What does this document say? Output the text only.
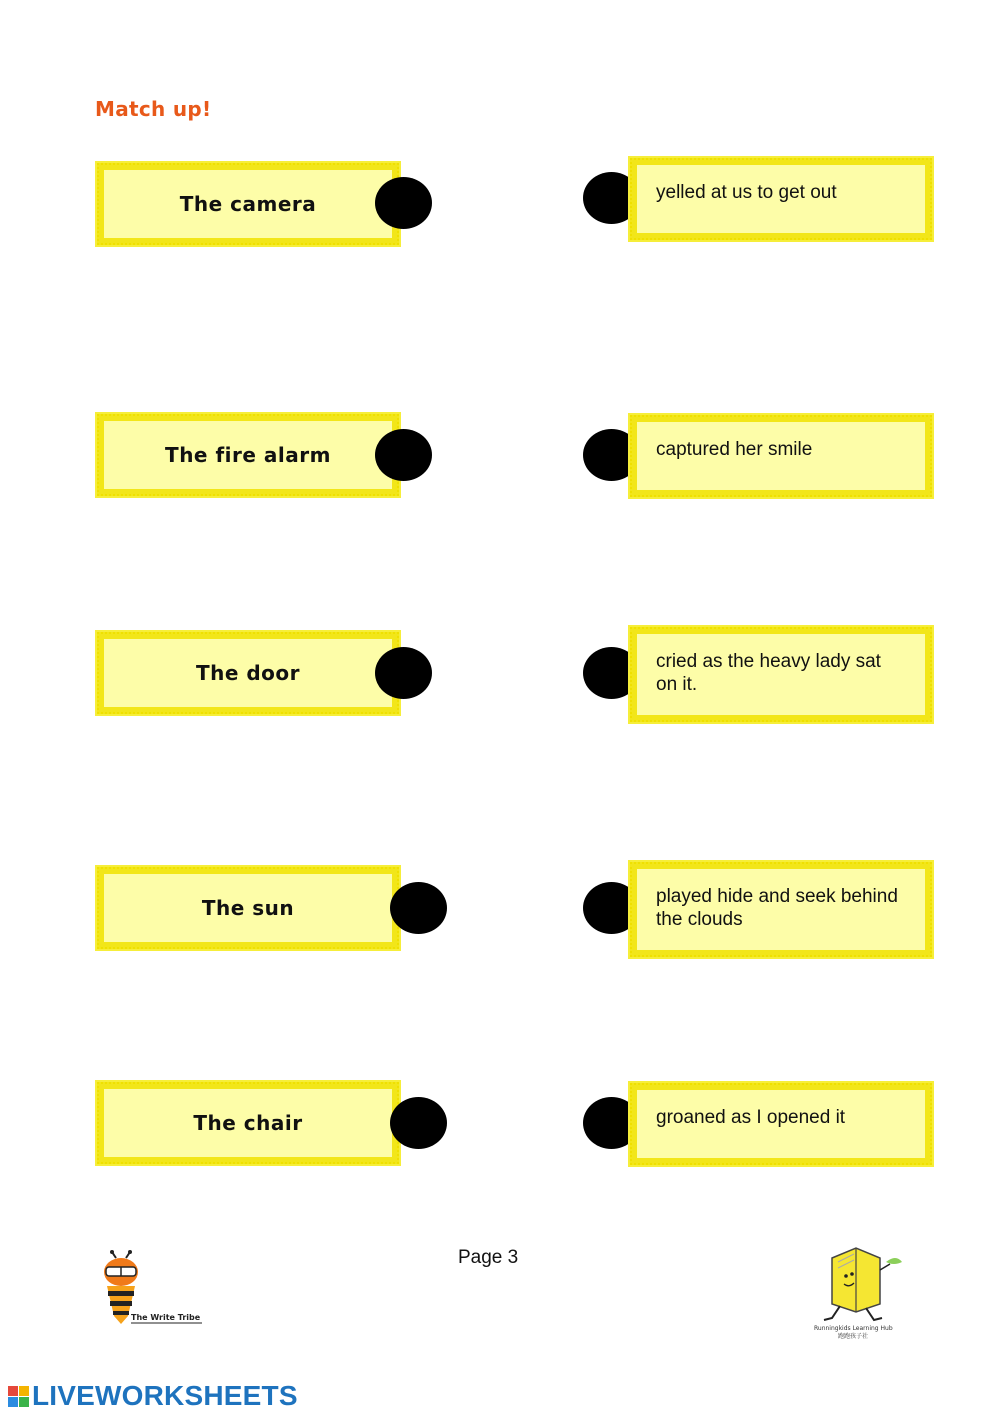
Match up!
The camera
The fire alarm
The door
The sun
The chair
yelled at us to get out
captured her smile
cried as the heavy lady sat on it.
played hide and seek behind the clouds
groaned as I opened it
The Write Tribe
Page 3
Runningkids Learning Hub
跑跑孩子社
LIVEWORKSHEETS
